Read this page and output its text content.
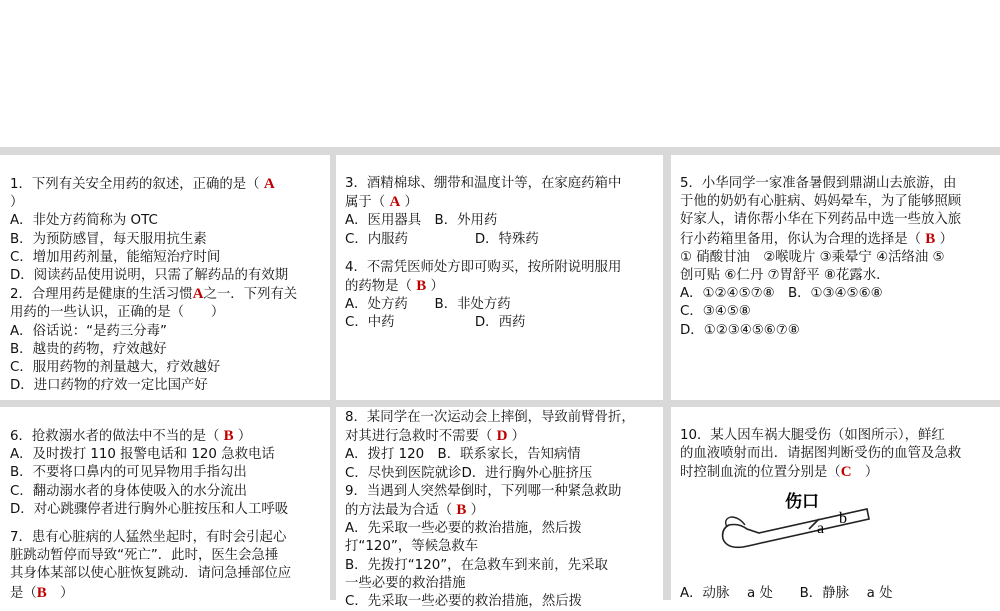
1．下列有关安全用药的叙述，正确的是（ A
）
A．非处方药简称为 OTC
B．为预防感冒，每天服用抗生素
C．增加用药剂量，能缩短治疗时间
D．阅读药品使用说明，只需了解药品的有效期
2．合理用药是健康的生活习惯A之一．下列有关
用药的一些认识，正确的是（　　）
A．俗话说：“是药三分毒”
B．越贵的药物，疗效越好
C．服用药物的剂量越大，疗效越好
D．进口药物的疗效一定比国产好
3．酒精棉球、绷带和温度计等，在家庭药箱中
属于（ A ）
A．医用器具　B．外用药
C．内服药　　　　　D．特殊药

4．不需凭医师处方即可购买，按所附说明服用
的药物是（ B ）
A．处方药　　B．非处方药
C．中药　　　　　　D．西药
5．小华同学一家准备暑假到鼎湖山去旅游，由
于他的奶奶有心脏病、妈妈晕车，为了能够照顾
好家人，请你帮小华在下列药品中选一些放入旅
行小药箱里备用，你认为合理的选择是（ B ）
① 硝酸甘油　②喉咙片 ③乘晕宁 ④活络油 ⑤
创可贴 ⑥仁丹 ⑦胃舒平 ⑧花露水．
A．①②④⑤⑦⑧　B．①③④⑤⑥⑧
C．③④⑤⑧
D．①②③④⑤⑥⑦⑧
6．抢救溺水者的做法中不当的是（ B ）
A．及时拨打 110 报警电话和 120 急救电话
B．不要将口鼻内的可见异物用手指勾出
C．翻动溺水者的身体使吸入的水分流出
D．对心跳骤停者进行胸外心脏按压和人工呼吸

7．患有心脏病的人猛然坐起时，有时会引起心
脏跳动暂停而导致“死亡”．此时，医生会急捶
其身体某部以使心脏恢复跳动．请问急捶部位应
是（B　）
8．某同学在一次运动会上摔倒，导致前臂骨折，
对其进行急救时不需要（ D ）
A．拨打 120　B．联系家长，告知病情
C．尽快到医院就诊D．进行胸外心脏挤压
9．当遇到人突然晕倒时，下列哪一种紧急救助
的方法最为合适（ B ）
A．先采取一些必要的救治措施，然后拨
打“120”，等候急救车
B．先拨打“120”，在急救车到来前，先采取
一些必要的救治措施
C．先采取一些必要的救治措施，然后拨
10．某人因车祸大腿受伤（如图所示），鲜红
的血液喷射而出．请据图判断受伤的血管及急救
时控制血流的位置分别是（C　）
伤口
a
b
A．动脉　 a 处　　B．静脉　 a 处
